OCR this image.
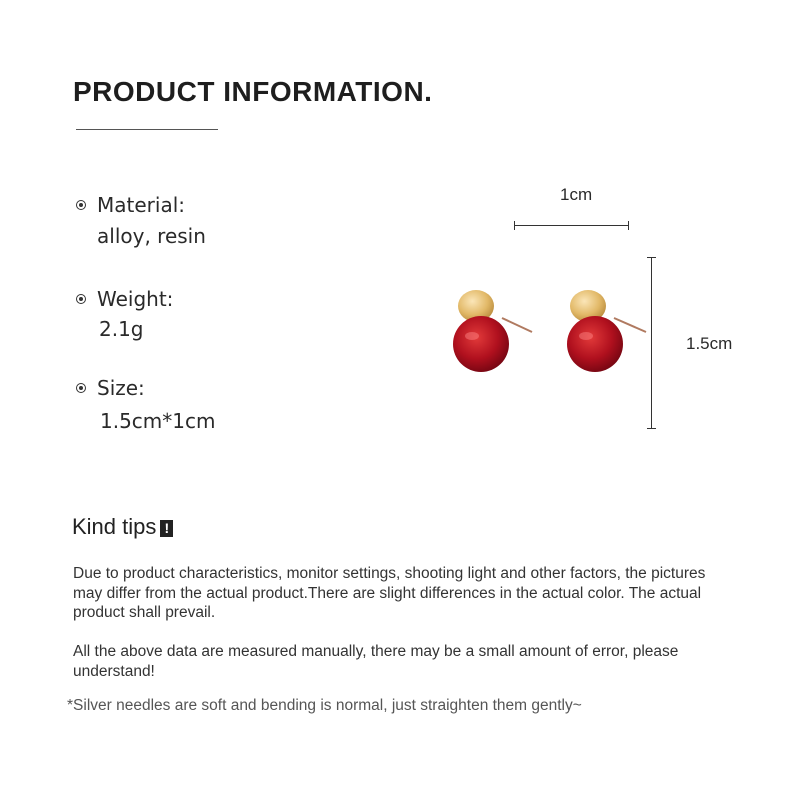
PRODUCT INFORMATION.
Material:
alloy, resin
Weight:
2.1g
Size:
1.5cm*1cm
1cm
1.5cm
Kind tips !
Due to product characteristics, monitor settings, shooting light and other factors, the pictures may differ from the actual product.There are slight differences in the actual color. The actual product shall prevail.
All the above data are measured manually, there may be a small amount of error, please understand!
*Silver needles are soft and bending is normal, just straighten them gently~
